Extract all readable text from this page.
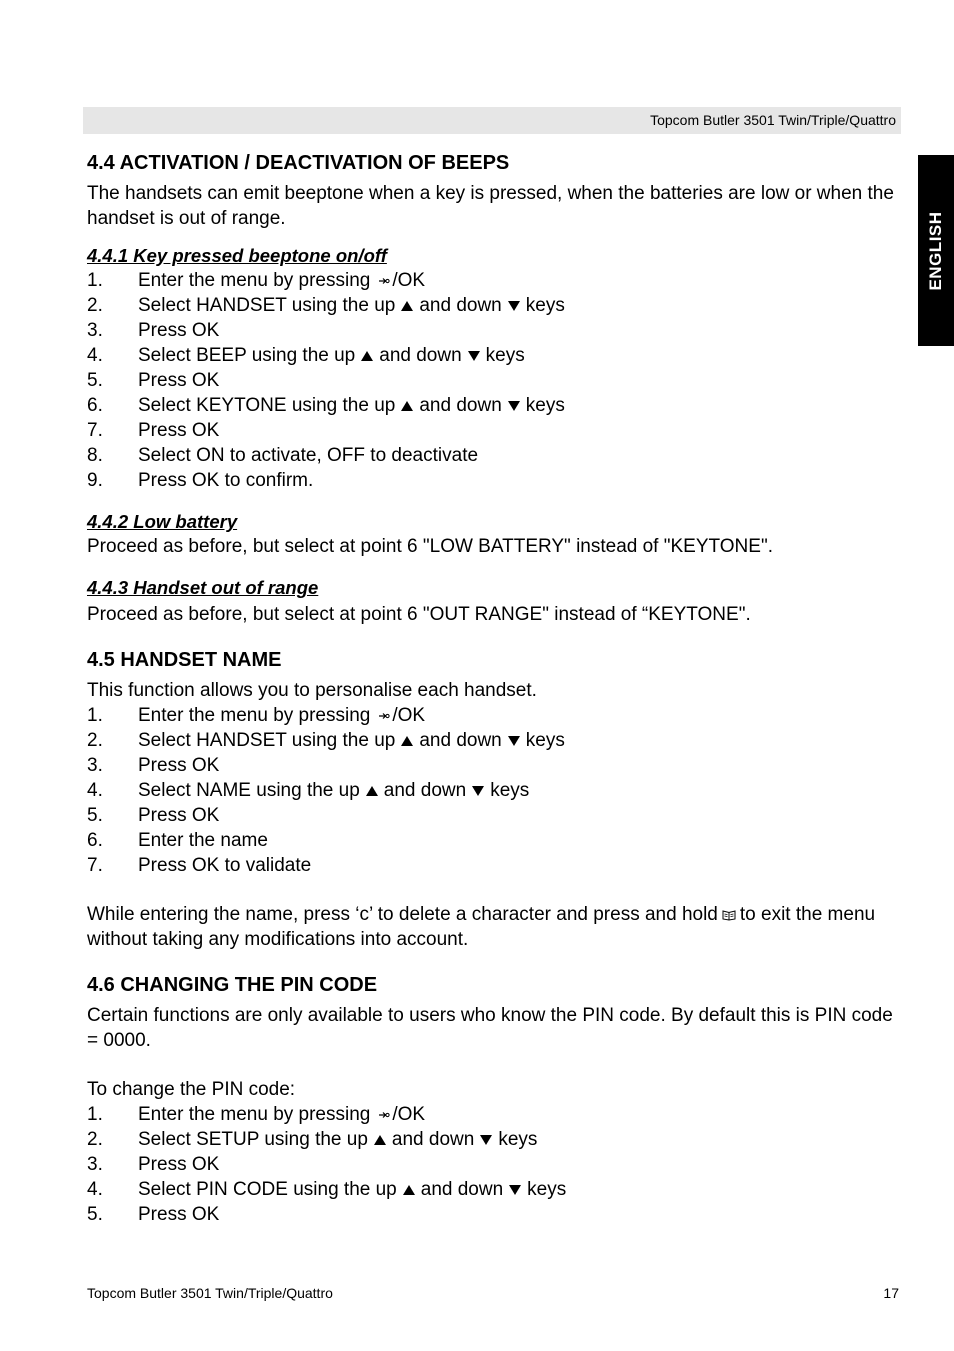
Topcom Butler 3501 Twin/Triple/Quattro
ENGLISH
4.4 ACTIVATION / DEACTIVATION OF BEEPS

The handsets can emit beeptone when a key is pressed, when the batteries are low or when the handset is out of range.

4.4.1 Key pressed beeptone on/off
1.	Enter the menu by pressing /OK
2.	Select HANDSET using the up and down keys
3.	Press OK
4.	Select BEEP using the up and down keys
5.	Press OK
6.	Select KEYTONE using the up and down keys
7.	Press OK
8.	Select ON to activate, OFF to deactivate
9.	Press OK to confirm.
4.4.2 Low battery

Proceed as before, but select at point 6 "LOW BATTERY" instead of "KEYTONE".

4.4.3 Handset out of range

Proceed as before, but select at point 6 "OUT RANGE" instead of “KEYTONE".

4.5 HANDSET NAME

This function allows you to personalise each handset.

1.	Enter the menu by pressing /OK
2.	Select HANDSET using the up and down keys
3.	Press OK
4.	Select NAME using the up and down keys
5.	Press OK
6.	Enter the name
7.	Press OK to validate

While entering the name, press ‘c’ to delete a character and press and hold to exit the menu without taking any modifications into account.

4.6 CHANGING THE PIN CODE

Certain functions are only available to users who know the PIN code. By default this is PIN code = 0000.

To change the PIN code:

1.	Enter the menu by pressing /OK
2.	Select SETUP using the up and down keys
3.	Press OK
4.	Select PIN CODE using the up and down keys
5.	Press OK
Topcom Butler 3501 Twin/Triple/Quattro	17
